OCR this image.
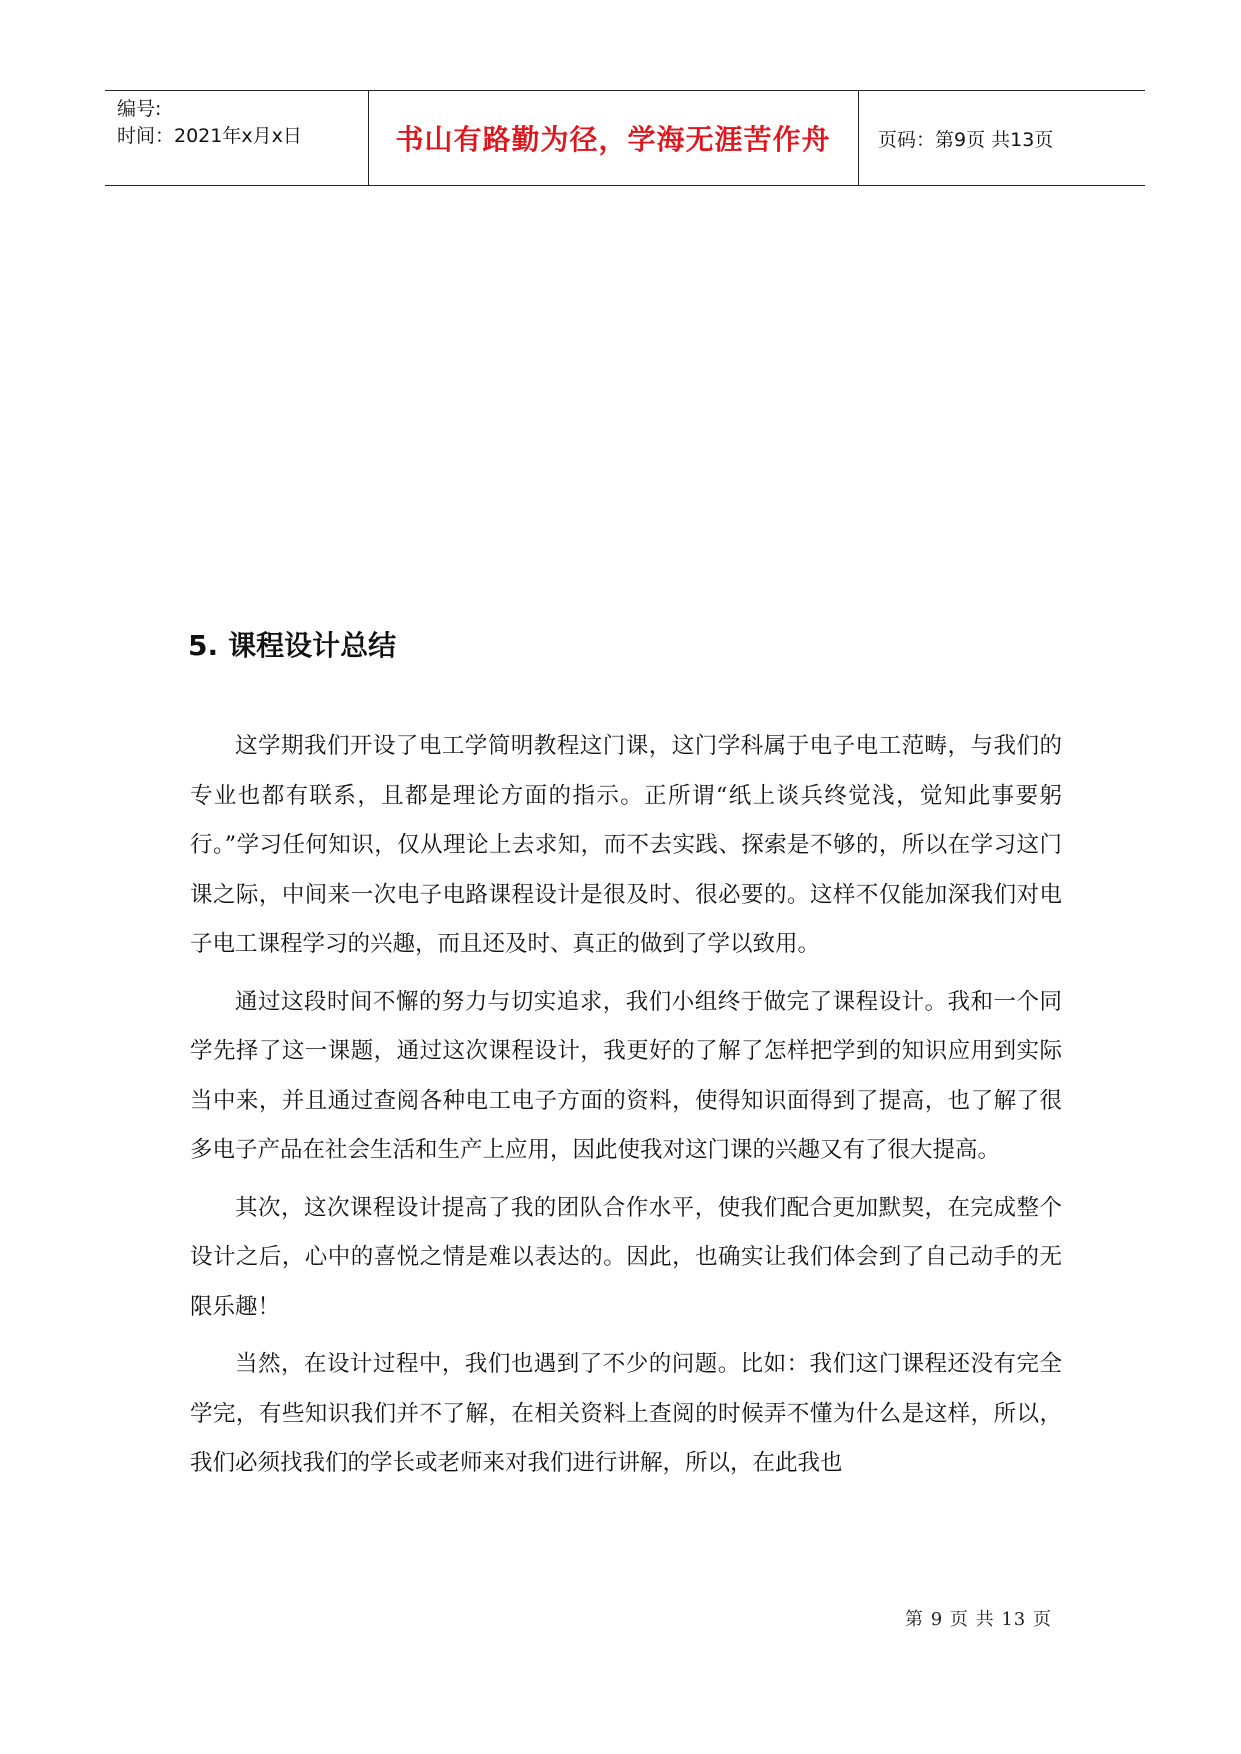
编号:
时间：2021年x月x日	书山有路勤为径，学海无涯苦作舟	页码：第9页 共13页
5. 课程设计总结

这学期我们开设了电工学简明教程这门课，这门学科属于电子电工范畴，与我们的专业也都有联系，且都是理论方面的指示。正所谓“纸上谈兵终觉浅，觉知此事要躬行。”学习任何知识，仅从理论上去求知，而不去实践、探索是不够的，所以在学习这门课之际，中间来一次电子电路课程设计是很及时、很必要的。这样不仅能加深我们对电子电工课程学习的兴趣，而且还及时、真正的做到了学以致用。

通过这段时间不懈的努力与切实追求，我们小组终于做完了课程设计。我和一个同学先择了这一课题，通过这次课程设计，我更好的了解了怎样把学到的知识应用到实际当中来，并且通过查阅各种电工电子方面的资料，使得知识面得到了提高，也了解了很多电子产品在社会生活和生产上应用，因此使我对这门课的兴趣又有了很大提高。

其次，这次课程设计提高了我的团队合作水平，使我们配合更加默契，在完成整个设计之后，心中的喜悦之情是难以表达的。因此，也确实让我们体会到了自己动手的无限乐趣！

当然，在设计过程中，我们也遇到了不少的问题。比如：我们这门课程还没有完全学完，有些知识我们并不了解，在相关资料上查阅的时候弄不懂为什么是这样，所以，我们必须找我们的学长或老师来对我们进行讲解，所以，在此我也

第 9 页 共 13 页
